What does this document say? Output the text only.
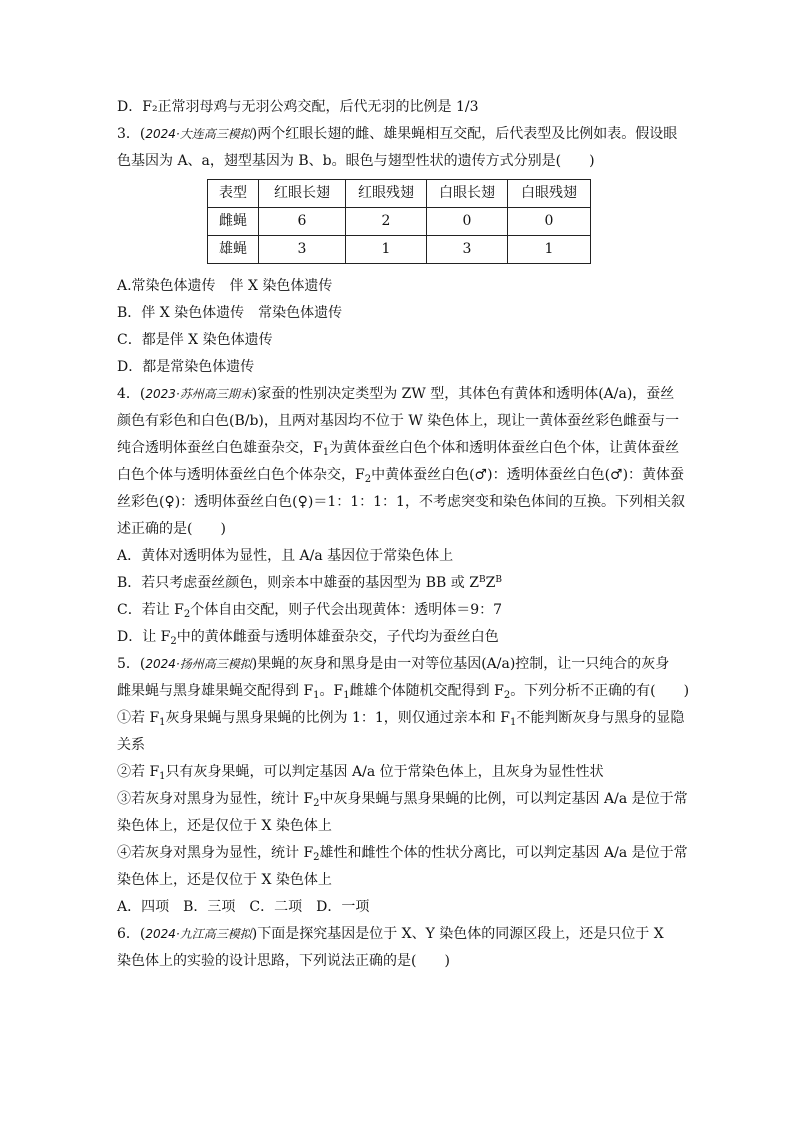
D．F₂正常羽母鸡与无羽公鸡交配，后代无羽的比例是 1/3
3．(2024·大连高三模拟)两个红眼长翅的雌、雄果蝇相互交配，后代表型及比例如表。假设眼
色基因为 A、a，翅型基因为 B、b。眼色与翅型性状的遗传方式分别是( )
表型	红眼长翅	红眼残翅	白眼长翅	白眼残翅
雌蝇	6	2	0	0
雄蝇	3	1	3	1
A.常染色体遗传　伴 X 染色体遗传
B．伴 X 染色体遗传　常染色体遗传
C．都是伴 X 染色体遗传
D．都是常染色体遗传
4．(2023·苏州高三期末)家蚕的性别决定类型为 ZW 型，其体色有黄体和透明体(A/a)，蚕丝
颜色有彩色和白色(B/b)，且两对基因均不位于 W 染色体上，现让一黄体蚕丝彩色雌蚕与一
纯合透明体蚕丝白色雄蚕杂交，$F_1$为黄体蚕丝白色个体和透明体蚕丝白色个体，让黄体蚕丝
白色个体与透明体蚕丝白色个体杂交，$F_2$中黄体蚕丝白色(♂)：透明体蚕丝白色(♂)：黄体蚕
丝彩色(♀)：透明体蚕丝白色(♀)＝1：1：1：1，不考虑突变和染色体间的互换。下列相关叙
述正确的是( )
A．黄体对透明体为显性，且 A/a 基因位于常染色体上
B．若只考虑蚕丝颜色，则亲本中雄蚕的基因型为 BB 或 $Z^BZ^B$
C．若让 $F_2$个体自由交配，则子代会出现黄体：透明体＝9：7
D．让 $F_2$中的黄体雌蚕与透明体雄蚕杂交，子代均为蚕丝白色
5．(2024·扬州高三模拟)果蝇的灰身和黑身是由一对等位基因(A/a)控制，让一只纯合的灰身
雌果蝇与黑身雄果蝇交配得到 $F_1$。$F_1$雌雄个体随机交配得到 $F_2$。下列分析不正确的有( )
①若 $F_1$灰身果蝇与黑身果蝇的比例为 1：1，则仅通过亲本和 $F_1$不能判断灰身与黑身的显隐
关系
②若 $F_1$只有灰身果蝇，可以判定基因 A/a 位于常染色体上，且灰身为显性性状
③若灰身对黑身为显性，统计 $F_2$中灰身果蝇与黑身果蝇的比例，可以判定基因 A/a 是位于常
染色体上，还是仅位于 X 染色体上
④若灰身对黑身为显性，统计 $F_2$雄性和雌性个体的性状分离比，可以判定基因 A/a 是位于常
染色体上，还是仅位于 X 染色体上
A．四项　B．三项　C．二项　D．一项
6．(2024·九江高三模拟)下面是探究基因是位于 X、Y 染色体的同源区段上，还是只位于 X
染色体上的实验的设计思路，下列说法正确的是( )
